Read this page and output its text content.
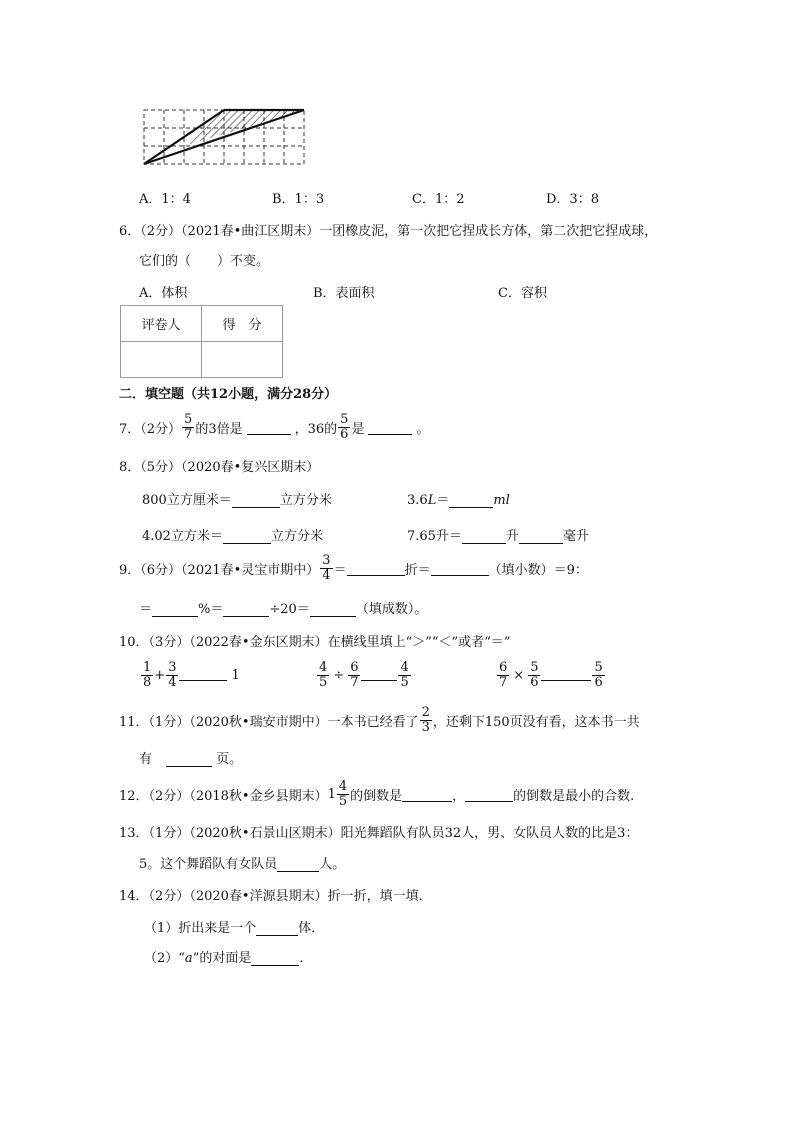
A．1：4	B．1：3	C．1：2	D．3：8
6．（2分）（2021春•曲江区期末）一团橡皮泥，第一次把它捏成长方体，第二次把它捏成球，
它们的（　　）不变。
A．体积	B．表面积	C．容积
评卷人	得　分

二．填空题（共12小题，满分28分）
7．（2分） $\frac{5}{7}$ 的3倍是	，36的 $\frac{5}{6}$ 是	。
8．（5分）（2020春•复兴区期末）
800立方厘米＝	立方分米	3.6L＝	ml
4.02立方米＝	立方分米	7.65升＝	升	毫升
9．（6分）（2021春•灵宝市期中） $\frac{3}{4}$ ＝	折＝	（填小数）＝9：
＝	%＝	÷20＝	（填成数）。
10．（3分）（2022春•金东区期末）在横线里填上“＞”“＜”或者“＝”
$\frac{1}{8} + \frac{3}{4}$	1	$\frac{4}{5} \div \frac{6}{7}$	$\frac{4}{5}$	$\frac{6}{7} \times \frac{5}{6}$	$\frac{5}{6}$
11．（1分）（2020秋•瑞安市期中）一本书已经看了 $\frac{2}{3}$ ，还剩下150页没有看，这本书一共
有	页。
12．（2分）（2018秋•金乡县期末） $1 \frac{4}{5}$ 的倒数是	，	的倒数是最小的合数.
13．（1分）（2020秋•石景山区期末）阳光舞蹈队有队员32人，男、女队员人数的比是3：
5。这个舞蹈队有女队员	人。
14．（2分）（2020春•洋源县期末）折一折，填一填．
（1）折出来是一个	体．
（2）“a”的对面是	．
